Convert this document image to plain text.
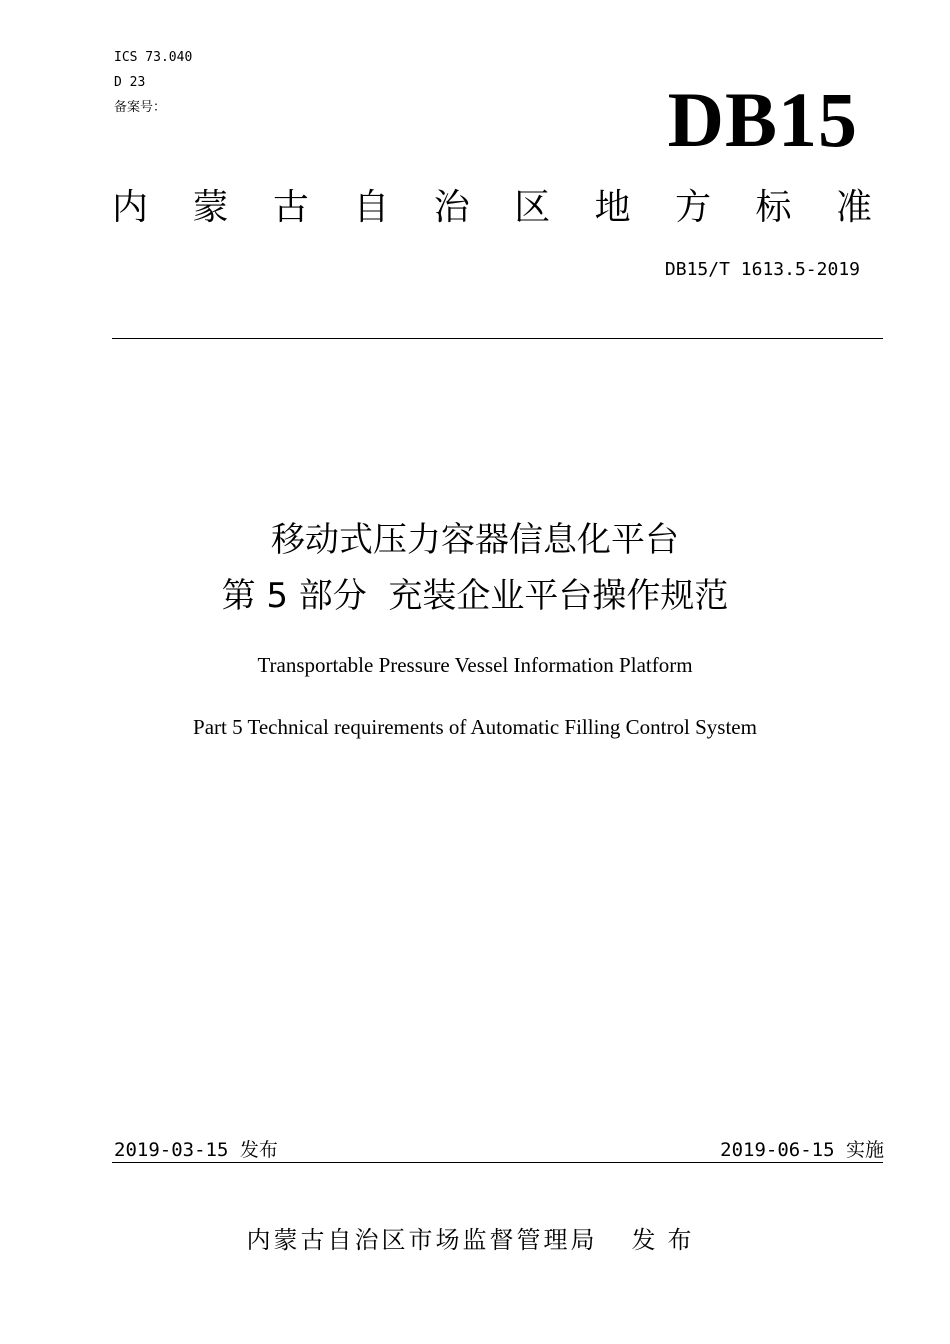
ICS 73.040
D 23
备案号：	DB15
内 蒙 古 自 治 区 地 方 标 准
DB15/T 1613.5-2019
移动式压力容器信息化平台
第 5 部分  充装企业平台操作规范
Transportable Pressure Vessel Information Platform
Part 5 Technical requirements of Automatic Filling Control System
2019-03-15 发布	2019-06-15 实施
内蒙古自治区市场监督管理局 发布
